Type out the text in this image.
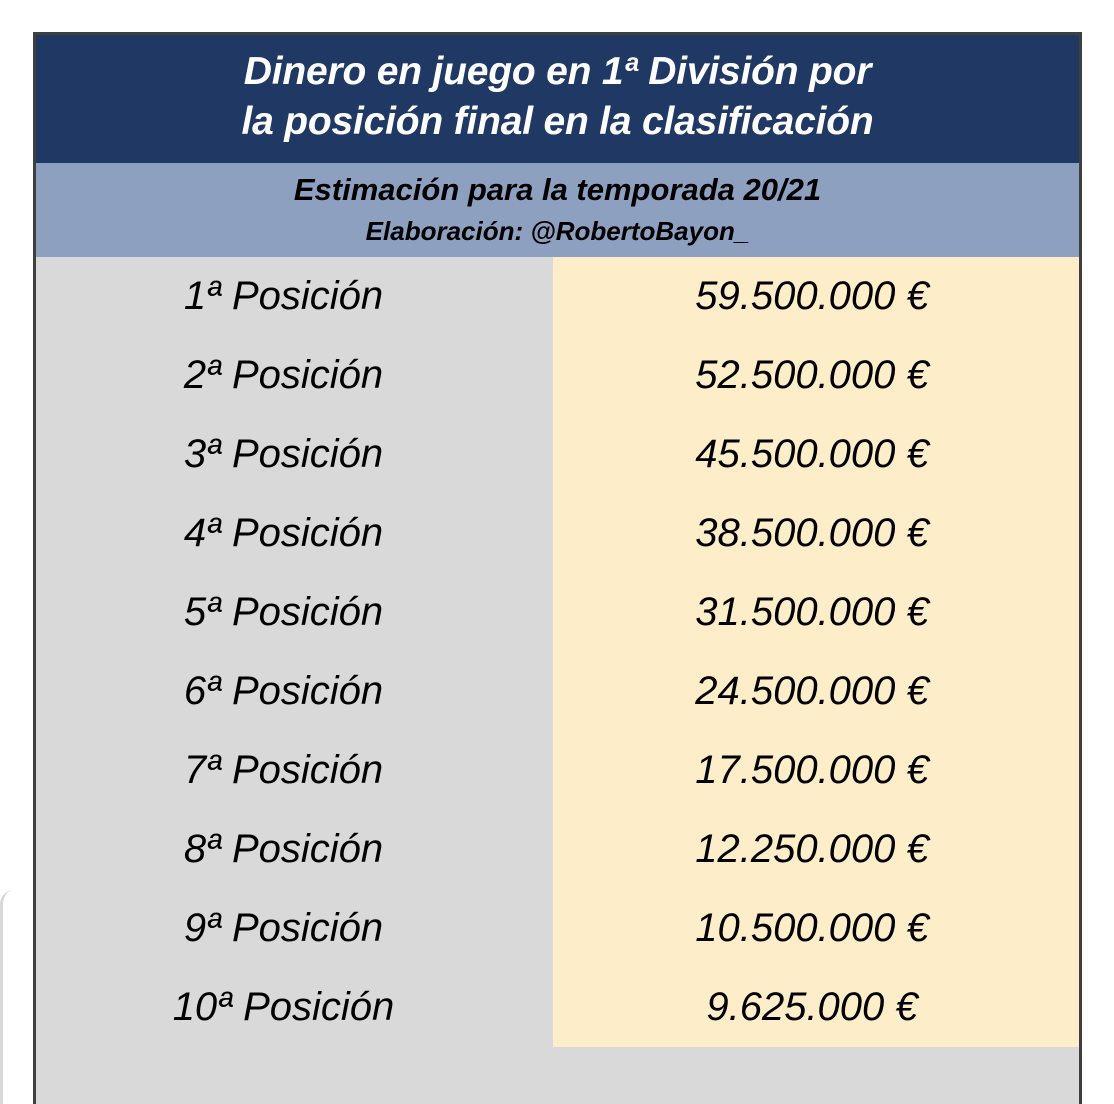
Dinero en juego en 1ª División por
la posición final en la clasificación
Estimación para la temporada 20/21
Elaboración: @RobertoBayon_
1ª Posición	59.500.000 €
2ª Posición	52.500.000 €
3ª Posición	45.500.000 €
4ª Posición	38.500.000 €
5ª Posición	31.500.000 €
6ª Posición	24.500.000 €
7ª Posición	17.500.000 €
8ª Posición	12.250.000 €
9ª Posición	10.500.000 €
10ª Posición	9.625.000 €
